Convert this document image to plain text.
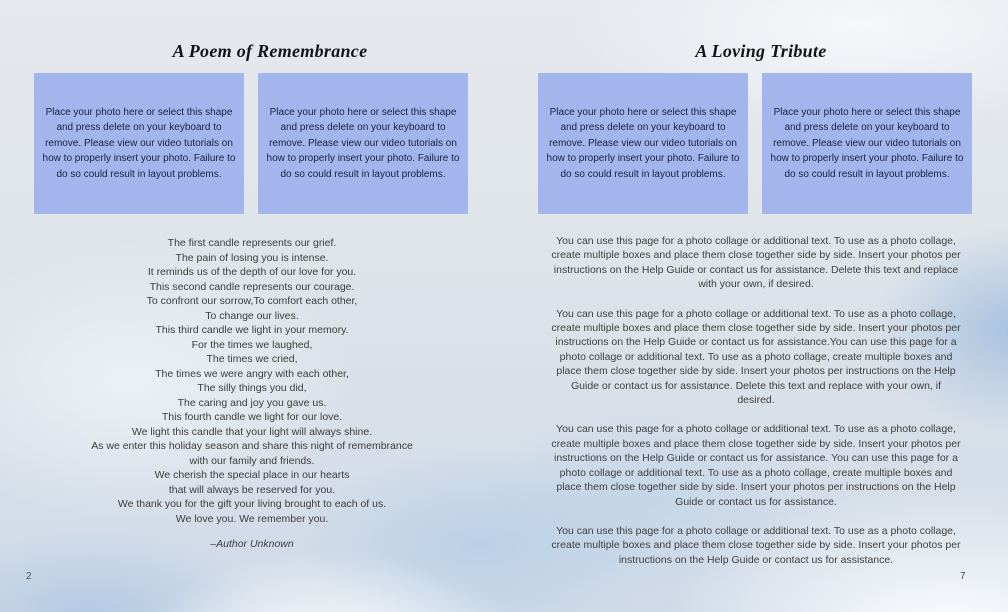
A Poem of Remembrance
Place your photo here or select this shape and press delete on your keyboard to remove. Please view our video tutorials on how to properly insert your photo. Failure to do so could result in layout problems.
Place your photo here or select this shape and press delete on your keyboard to remove. Please view our video tutorials on how to properly insert your photo. Failure to do so could result in layout problems.
The first candle represents our grief.
The pain of losing you is intense.
It reminds us of the depth of our love for you.
This second candle represents our courage.
To confront our sorrow,To comfort each other,
To change our lives.
This third candle we light in your memory.
For the times we laughed,
The times we cried,
The times we were angry with each other,
The silly things you did,
The caring and joy you gave us.
This fourth candle we light for our love.
We light this candle that your light will always shine.
As we enter this holiday season and share this night of remembrance
with our family and friends.
We cherish the special place in our hearts
that will always be reserved for you.
We thank you for the gift your living brought to each of us.
We love you. We remember you.
–Author Unknown
2
A Loving Tribute
Place your photo here or select this shape and press delete on your keyboard to remove. Please view our video tutorials on how to properly insert your photo. Failure to do so could result in layout problems.
Place your photo here or select this shape and press delete on your keyboard to remove. Please view our video tutorials on how to properly insert your photo. Failure to do so could result in layout problems.
You can use this page for a photo collage or additional text. To use as a photo collage, create multiple boxes and place them close together side by side. Insert your photos per instructions on the Help Guide or contact us for assistance. Delete this text and replace with your own, if desired.
You can use this page for a photo collage or additional text. To use as a photo collage, create multiple boxes and place them close together side by side. Insert your photos per instructions on the Help Guide or contact us for assistance.You can use this page for a photo collage or additional text. To use as a photo collage, create multiple boxes and place them close together side by side. Insert your photos per instructions on the Help Guide or contact us for assistance. Delete this text and replace with your own, if desired.
You can use this page for a photo collage or additional text. To use as a photo collage, create multiple boxes and place them close together side by side. Insert your photos per instructions on the Help Guide or contact us for assistance. You can use this page for a photo collage or additional text. To use as a photo collage, create multiple boxes and place them close together side by side. Insert your photos per instructions on the Help Guide or contact us for assistance.
You can use this page for a photo collage or additional text. To use as a photo collage, create multiple boxes and place them close together side by side. Insert your photos per instructions on the Help Guide or contact us for assistance.
7
